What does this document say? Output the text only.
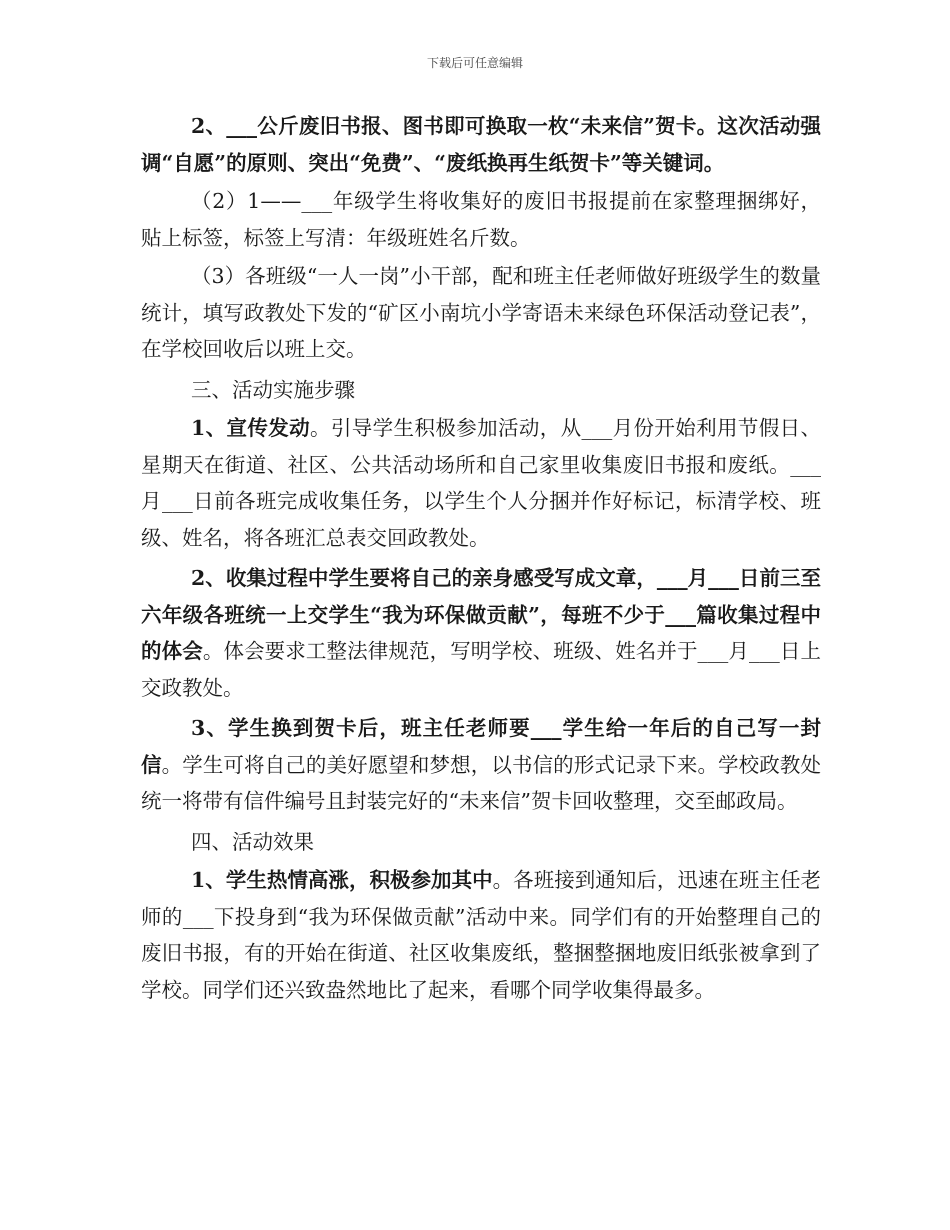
下载后可任意编辑

2、___公斤废旧书报、图书即可换取一枚“未来信”贺卡。这次活动强调“自愿”的原则、突出“免费”、“废纸换再生纸贺卡”等关键词。

（2）1——___年级学生将收集好的废旧书报提前在家整理捆绑好，贴上标签，标签上写清：年级班姓名斤数。

（3）各班级“一人一岗”小干部，配和班主任老师做好班级学生的数量统计，填写政教处下发的“矿区小南坑小学寄语未来绿色环保活动登记表”，在学校回收后以班上交。

三、活动实施步骤

1、宣传发动。引导学生积极参加活动，从___月份开始利用节假日、星期天在街道、社区、公共活动场所和自己家里收集废旧书报和废纸。___月___日前各班完成收集任务，以学生个人分捆并作好标记，标清学校、班级、姓名，将各班汇总表交回政教处。

2、收集过程中学生要将自己的亲身感受写成文章，___月___日前三至六年级各班统一上交学生“我为环保做贡献”，每班不少于___篇收集过程中的体会。体会要求工整法律规范，写明学校、班级、姓名并于___月___日上交政教处。

3、学生换到贺卡后，班主任老师要___学生给一年后的自己写一封信。学生可将自己的美好愿望和梦想，以书信的形式记录下来。学校政教处统一将带有信件编号且封装完好的“未来信”贺卡回收整理，交至邮政局。

四、活动效果

1、学生热情高涨，积极参加其中。各班接到通知后，迅速在班主任老师的___下投身到“我为环保做贡献”活动中来。同学们有的开始整理自己的废旧书报，有的开始在街道、社区收集废纸，整捆整捆地废旧纸张被拿到了学校。同学们还兴致盎然地比了起来，看哪个同学收集得最多。
